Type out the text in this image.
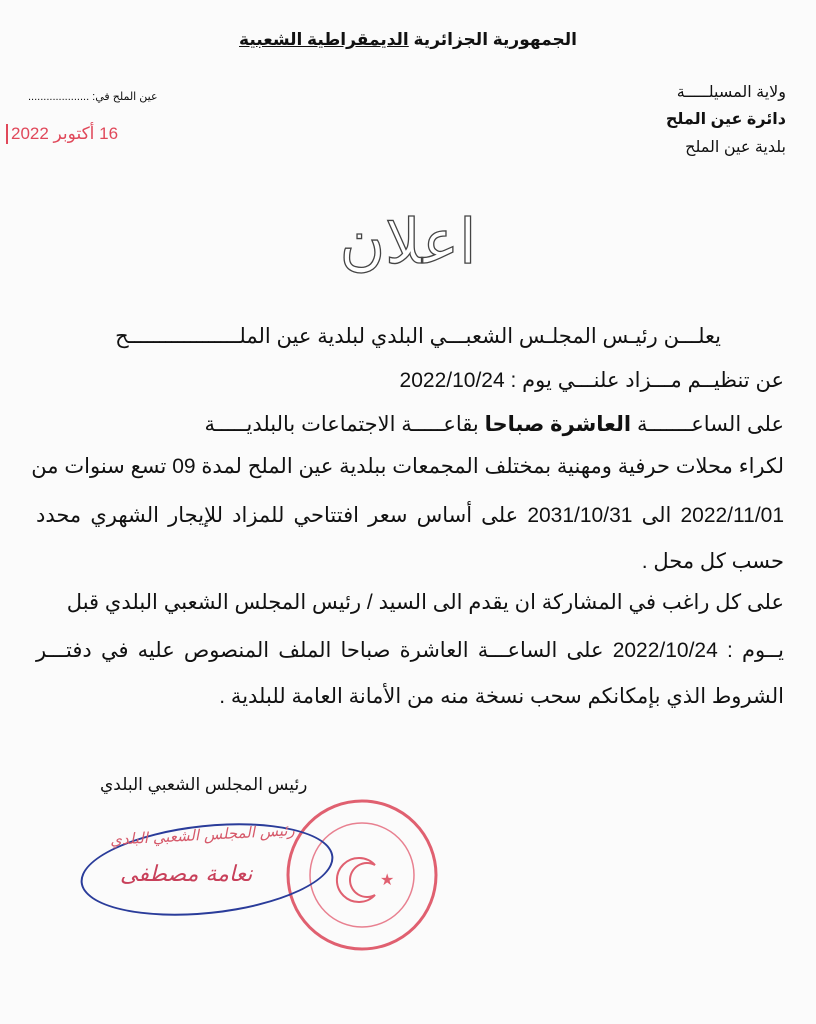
الجمهورية الجزائرية الديمقراطية الشعبية
عين الملح في: ....................
16 أكتوبر 2022
ولاية المسيلـــــة
دائرة عين الملح
بلدية عين الملح
اعلان
يعلـــن رئيـس المجلـس الشعبـــي البلدي لبلدية عين الملــــــــــــــــــح
عن تنظيــم مـــزاد علنـــي يوم : 2022/10/24
على الساعـــــــة العاشرة صباحا بقاعـــــة الاجتماعات بالبلديـــــة
لكراء محلات حرفية ومهنية بمختلف المجمعات ببلدية عين الملح لمدة 09 تسع سنوات من
2022/11/01 الى 2031/10/31 على أساس سعر افتتاحي للمزاد للإيجار الشهري محدد
حسب كل محل .
على كل راغب في المشاركة ان يقدم الى السيد / رئيس المجلس الشعبي البلدي قبل
يــوم : 2022/10/24 على الساعـــة العاشرة صباحا الملف المنصوص عليه في دفتـــر
الشروط الذي بإمكانكم سحب نسخة منه من الأمانة العامة للبلدية .
رئيس المجلس الشعبي البلدي
★
رئيس المجلس الشعبي البلدي
نعامة مصطفى
